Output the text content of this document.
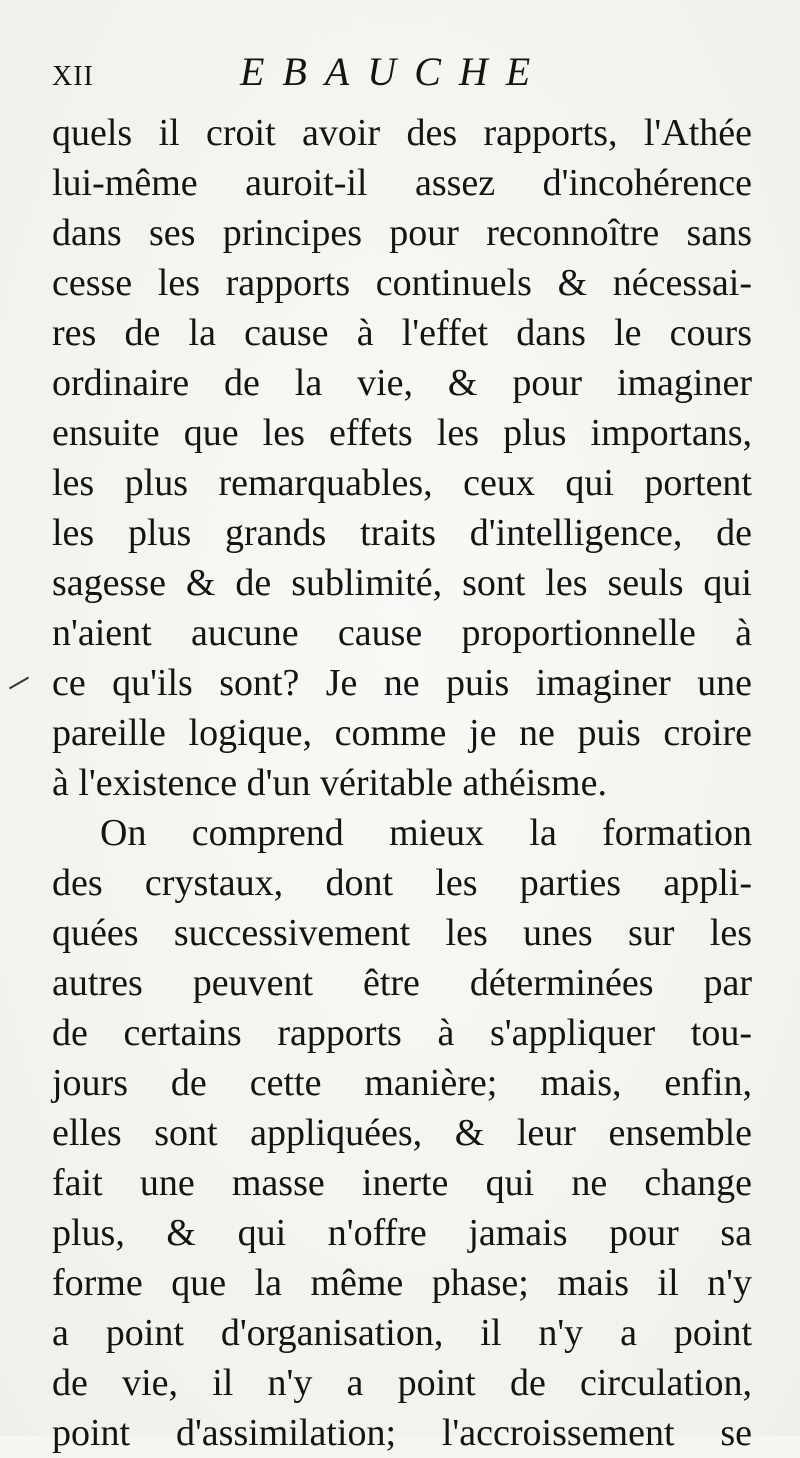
xii	EBAUCHE
quels il croit avoir des rapports, l'Athée
lui-même auroit-il assez d'incohérence
dans ses principes pour reconnoître sans
cesse les rapports continuels & nécessai-
res de la cause à l'effet dans le cours
ordinaire de la vie, & pour imaginer
ensuite que les effets les plus importans,
les plus remarquables, ceux qui portent
les plus grands traits d'intelligence, de
sagesse & de sublimité, sont les seuls qui
n'aient aucune cause proportionnelle à
ce qu'ils sont? Je ne puis imaginer une
pareille logique, comme je ne puis croire
à l'existence d'un véritable athéisme.
On comprend mieux la formation
des crystaux, dont les parties appli-
quées successivement les unes sur les
autres peuvent être déterminées par
de certains rapports à s'appliquer tou-
jours de cette manière; mais, enfin,
elles sont appliquées, & leur ensemble
fait une masse inerte qui ne change
plus, & qui n'offre jamais pour sa
forme que la même phase; mais il n'y
a point d'organisation, il n'y a point
de vie, il n'y a point de circulation,
point d'assimilation; l'accroissement se
